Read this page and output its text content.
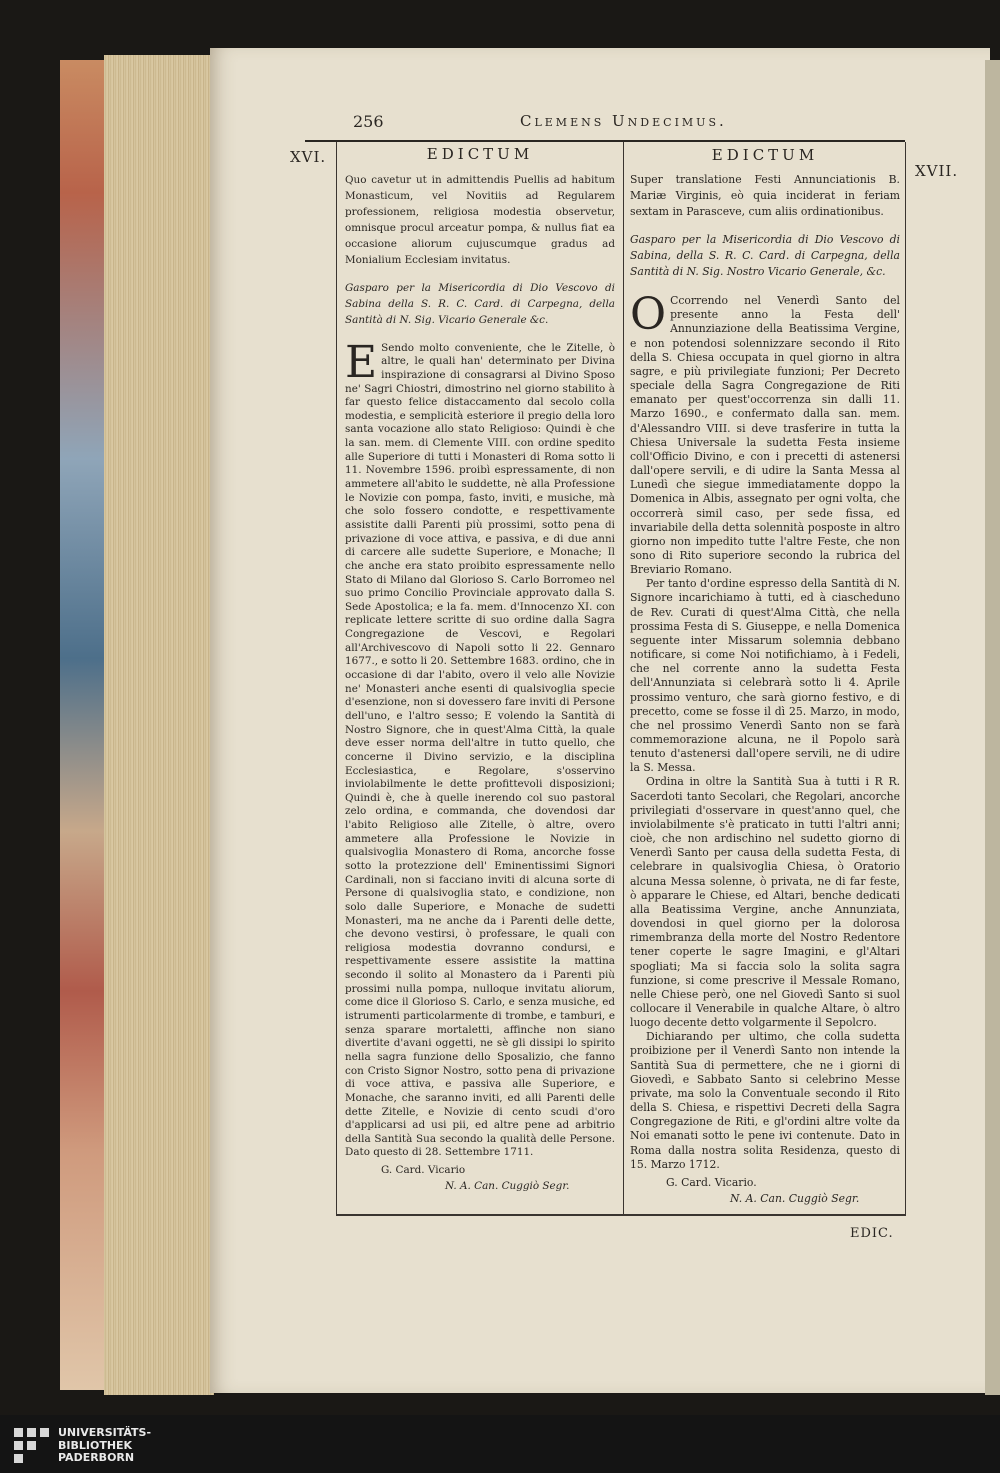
256	Clemens Undecimus.
XVI.
XVII.
EDICTUM
Quo cavetur ut in admittendis Puellis ad habitum Monasticum, vel Novitiis ad Regularem professionem, religiosa modestia observetur, omnisque procul arceatur pompa, & nullus fiat ea occasione aliorum cujuscumque gradus ad Monialium Ecclesiam invitatus.
Gasparo per la Misericordia di Dio Vescovo di Sabina della S. R. C. Card. di Carpegna, della Santità di N. Sig. Vicario Generale &c.

E Sendo molto conveniente, che le Zitelle, ò altre, le quali han' determinato per Divina inspirazione di consagrarsi al Divino Sposo ne' Sagri Chiostri, dimostrino nel giorno stabilito à far questo felice distaccamento dal secolo colla modestia, e semplicità esteriore il pregio della loro santa vocazione allo stato Religioso: Quindi è che la san. mem. di Clemente VIII. con ordine spedito alle Superiore di tutti i Monasteri di Roma sotto li 11. Novembre 1596. proibì espressamente, di non ammetere all'abito le suddette, nè alla Professione le Novizie con pompa, fasto, inviti, e musiche, mà che solo fossero condotte, e respettivamente assistite dalli Parenti più prossimi, sotto pena di privazione di voce attiva, e passiva, e di due anni di carcere alle sudette Superiore, e Monache; Il che anche era stato proibito espressamente nello Stato di Milano dal Glorioso S. Carlo Borromeo nel suo primo Concilio Provinciale approvato dalla S. Sede Apostolica; e la fa. mem. d'Innocenzo XI. con replicate lettere scritte di suo ordine dalla Sagra Congregazione de Vescovi, e Regolari all'Archivescovo di Napoli sotto li 22. Gennaro 1677., e sotto li 20. Settembre 1683. ordino, che in occasione di dar l'abito, overo il velo alle Novizie ne' Monasteri anche esenti di qualsivoglia specie d'esenzione, non si dovessero fare inviti di Persone dell'uno, e l'altro sesso; E volendo la Santità di Nostro Signore, che in quest'Alma Città, la quale deve esser norma dell'altre in tutto quello, che concerne il Divino servizio, e la disciplina Ecclesiastica, e Regolare, s'osservino inviolabilmente le dette profittevoli disposizioni; Quindi è, che à quelle inerendo col suo pastoral zelo ordina, e commanda, che dovendosi dar l'abito Religioso alle Zitelle, ò altre, overo ammetere alla Professione le Novizie in qualsivoglia Monastero di Roma, ancorche fosse sotto la protezzione dell' Eminentissimi Signori Cardinali, non si facciano inviti di alcuna sorte di Persone di qualsivoglia stato, e condizione, non solo dalle Superiore, e Monache de sudetti Monasteri, ma ne anche da i Parenti delle dette, che devono vestirsi, ò professare, le quali con religiosa modestia dovranno condursi, e respettivamente essere assistite la mattina secondo il solito al Monastero da i Parenti più prossimi nulla pompa, nulloque invitatu aliorum, come dice il Glorioso S. Carlo, e senza musiche, ed istrumenti particolarmente di trombe, e tamburi, e senza sparare mortaletti, affinche non siano divertite d'avani oggetti, ne sè gli dissipi lo spirito nella sagra funzione dello Sposalizio, che fanno con Cristo Signor Nostro, sotto pena di privazione di voce attiva, e passiva alle Superiore, e Monache, che saranno inviti, ed alli Parenti delle dette Zitelle, e Novizie di cento scudi d'oro d'applicarsi ad usi pii, ed altre pene ad arbitrio della Santità Sua secondo la qualità delle Persone. Dato questo di 28. Settembre 1711.

G. Card. Vicario
N. A. Can. Cuggiò Segr.
EDICTUM
Super translatione Festi Annunciationis B. Mariæ Virginis, eò quia inciderat in feriam sextam in Parasceve, cum aliis ordinationibus.
Gasparo per la Misericordia di Dio Vescovo di Sabina, della S. R. C. Card. di Carpegna, della Santità di N. Sig. Nostro Vicario Generale, &c.

O Ccorrendo nel Venerdì Santo del presente anno la Festa dell' Annunziazione della Beatissima Vergine, e non potendosi solennizzare secondo il Rito della S. Chiesa occupata in quel giorno in altra sagre, e più privilegiate funzioni; Per Decreto speciale della Sagra Congregazione de Riti emanato per quest'occorrenza sin dalli 11. Marzo 1690., e confermato dalla san. mem. d'Alessandro VIII. si deve trasferire in tutta la Chiesa Universale la sudetta Festa insieme coll'Officio Divino, e con i precetti di astenersi dall'opere servili, e di udire la Santa Messa al Lunedì che siegue immediatamente doppo la Domenica in Albis, assegnato per ogni volta, che occorrerà simil caso, per sede fissa, ed invariabile della detta solennità posposte in altro giorno non impedito tutte l'altre Feste, che non sono di Rito superiore secondo la rubrica del Breviario Romano.

Per tanto d'ordine espresso della Santità di N. Signore incarichiamo à tutti, ed à ciascheduno de Rev. Curati di quest'Alma Città, che nella prossima Festa di S. Giuseppe, e nella Domenica seguente inter Missarum solemnia debbano notificare, si come Noi notifichiamo, à i Fedeli, che nel corrente anno la sudetta Festa dell'Annunziata si celebrarà sotto li 4. Aprile prossimo venturo, che sarà giorno festivo, e di precetto, come se fosse il dì 25. Marzo, in modo, che nel prossimo Venerdì Santo non se farà commemorazione alcuna, ne il Popolo sarà tenuto d'astenersi dall'opere servili, ne di udire la S. Messa.

Ordina in oltre la Santità Sua à tutti i R R. Sacerdoti tanto Secolari, che Regolari, ancorche privilegiati d'osservare in quest'anno quel, che inviolabilmente s'è praticato in tutti l'altri anni; cioè, che non ardischino nel sudetto giorno di Venerdì Santo per causa della sudetta Festa, di celebrare in qualsivoglia Chiesa, ò Oratorio alcuna Messa solenne, ò privata, ne di far feste, ò apparare le Chiese, ed Altari, benche dedicati alla Beatissima Vergine, anche Annunziata, dovendosi in quel giorno per la dolorosa rimembranza della morte del Nostro Redentore tener coperte le sagre Imagini, e gl'Altari spogliati; Ma si faccia solo la solita sagra funzione, si come prescrive il Messale Romano, nelle Chiese però, one nel Giovedì Santo si suol collocare il Venerabile in qualche Altare, ò altro luogo decente detto volgarmente il Sepolcro.

Dichiarando per ultimo, che colla sudetta proibizione per il Venerdì Santo non intende la Santità Sua di permettere, che ne i giorni di Giovedì, e Sabbato Santo si celebrino Messe private, ma solo la Conventuale secondo il Rito della S. Chiesa, e rispettivi Decreti della Sagra Congregazione de Riti, e gl'ordini altre volte da Noi emanati sotto le pene ivi contenute. Dato in Roma dalla nostra solita Residenza, questo di 15. Marzo 1712.

G. Card. Vicario.
N. A. Can. Cuggiò Segr.
EDIC.
UNIVERSITÄTS-
BIBLIOTHEK
PADERBORN
